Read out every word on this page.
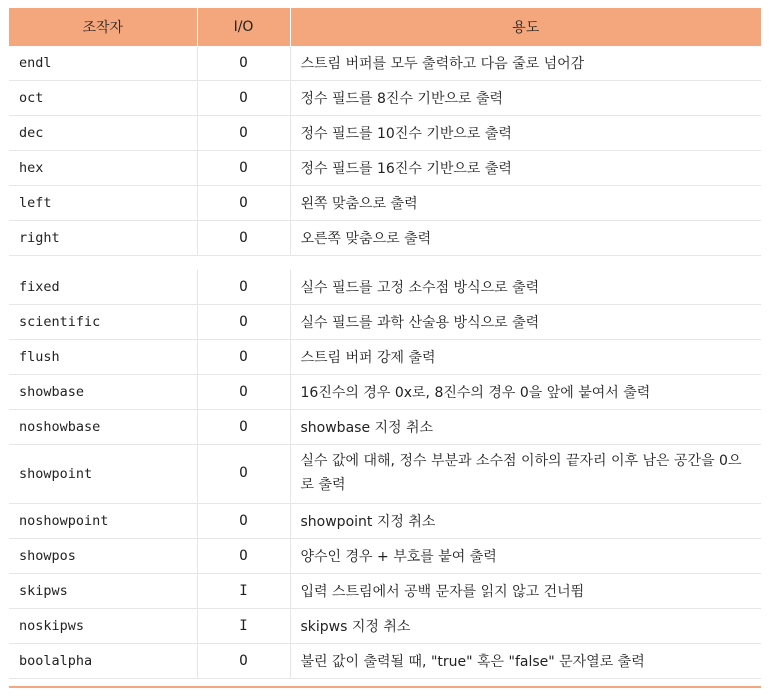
조작자	I/O	용도
endl	O	스트림 버퍼를 모두 출력하고 다음 줄로 넘어감
oct	O	정수 필드를 8진수 기반으로 출력
dec	O	정수 필드를 10진수 기반으로 출력
hex	O	정수 필드를 16진수 기반으로 출력
left	O	왼쪽 맞춤으로 출력
right	O	오른쪽 맞춤으로 출력

fixed	O	실수 필드를 고정 소수점 방식으로 출력
scientific	O	실수 필드를 과학 산술용 방식으로 출력
flush	O	스트림 버퍼 강제 출력
showbase	O	16진수의 경우 0x로, 8진수의 경우 0을 앞에 붙여서 출력
noshowbase	O	showbase 지정 취소
showpoint	O	실수 값에 대해, 정수 부분과 소수점 이하의 끝자리 이후 남은 공간을 0으로 출력
noshowpoint	O	showpoint 지정 취소
showpos	O	양수인 경우 + 부호를 붙여 출력
skipws	I	입력 스트림에서 공백 문자를 읽지 않고 건너뜀
noskipws	I	skipws 지정 취소
boolalpha	O	불린 값이 출력될 때, "true" 혹은 "false" 문자열로 출력
